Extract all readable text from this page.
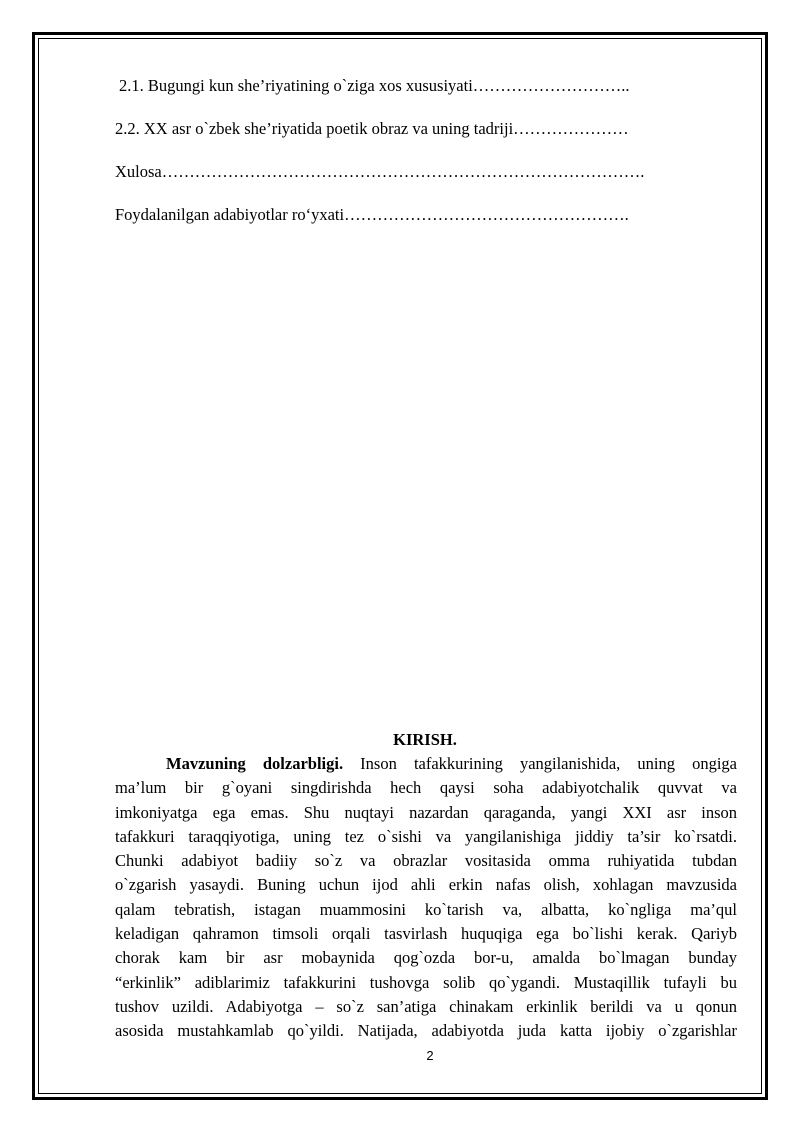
2.1. Bugungi kun she’riyatining o`ziga xos xususiyati………………………..
2.2. XX asr o`zbek she’riyatida poetik obraz va uning tadriji…………………
Xulosa…………………………………………………………………………….
Foydalanilgan adabiyotlar ro‘yxati…………………………………………….
KIRISH.
Mavzuning dolzarbligi. Inson tafakkurining yangilanishida, uning ongiga
ma’lum bir g`oyani singdirishda hech qaysi soha adabiyotchalik quvvat va
imkoniyatga ega emas. Shu nuqtayi nazardan qaraganda, yangi XXI asr inson
tafakkuri taraqqiyotiga, uning tez o`sishi va yangilanishiga jiddiy ta’sir ko`rsatdi.
Chunki adabiyot badiiy so`z va obrazlar vositasida omma ruhiyatida tubdan
o`zgarish yasaydi. Buning uchun ijod ahli erkin nafas olish, xohlagan mavzusida
qalam tebratish, istagan muammosini ko`tarish va, albatta, ko`ngliga ma’qul
keladigan qahramon timsoli orqali tasvirlash huquqiga ega bo`lishi kerak. Qariyb
chorak kam bir asr mobaynida qog`ozda bor-u, amalda bo`lmagan bunday
“erkinlik” adiblarimiz tafakkurini tushovga solib qo`ygandi. Mustaqillik tufayli bu
tushov uzildi. Adabiyotga – so`z san’atiga chinakam erkinlik berildi va u qonun
asosida mustahkamlab qo`yildi. Natijada, adabiyotda juda katta ijobiy o`zgarishlar
2
